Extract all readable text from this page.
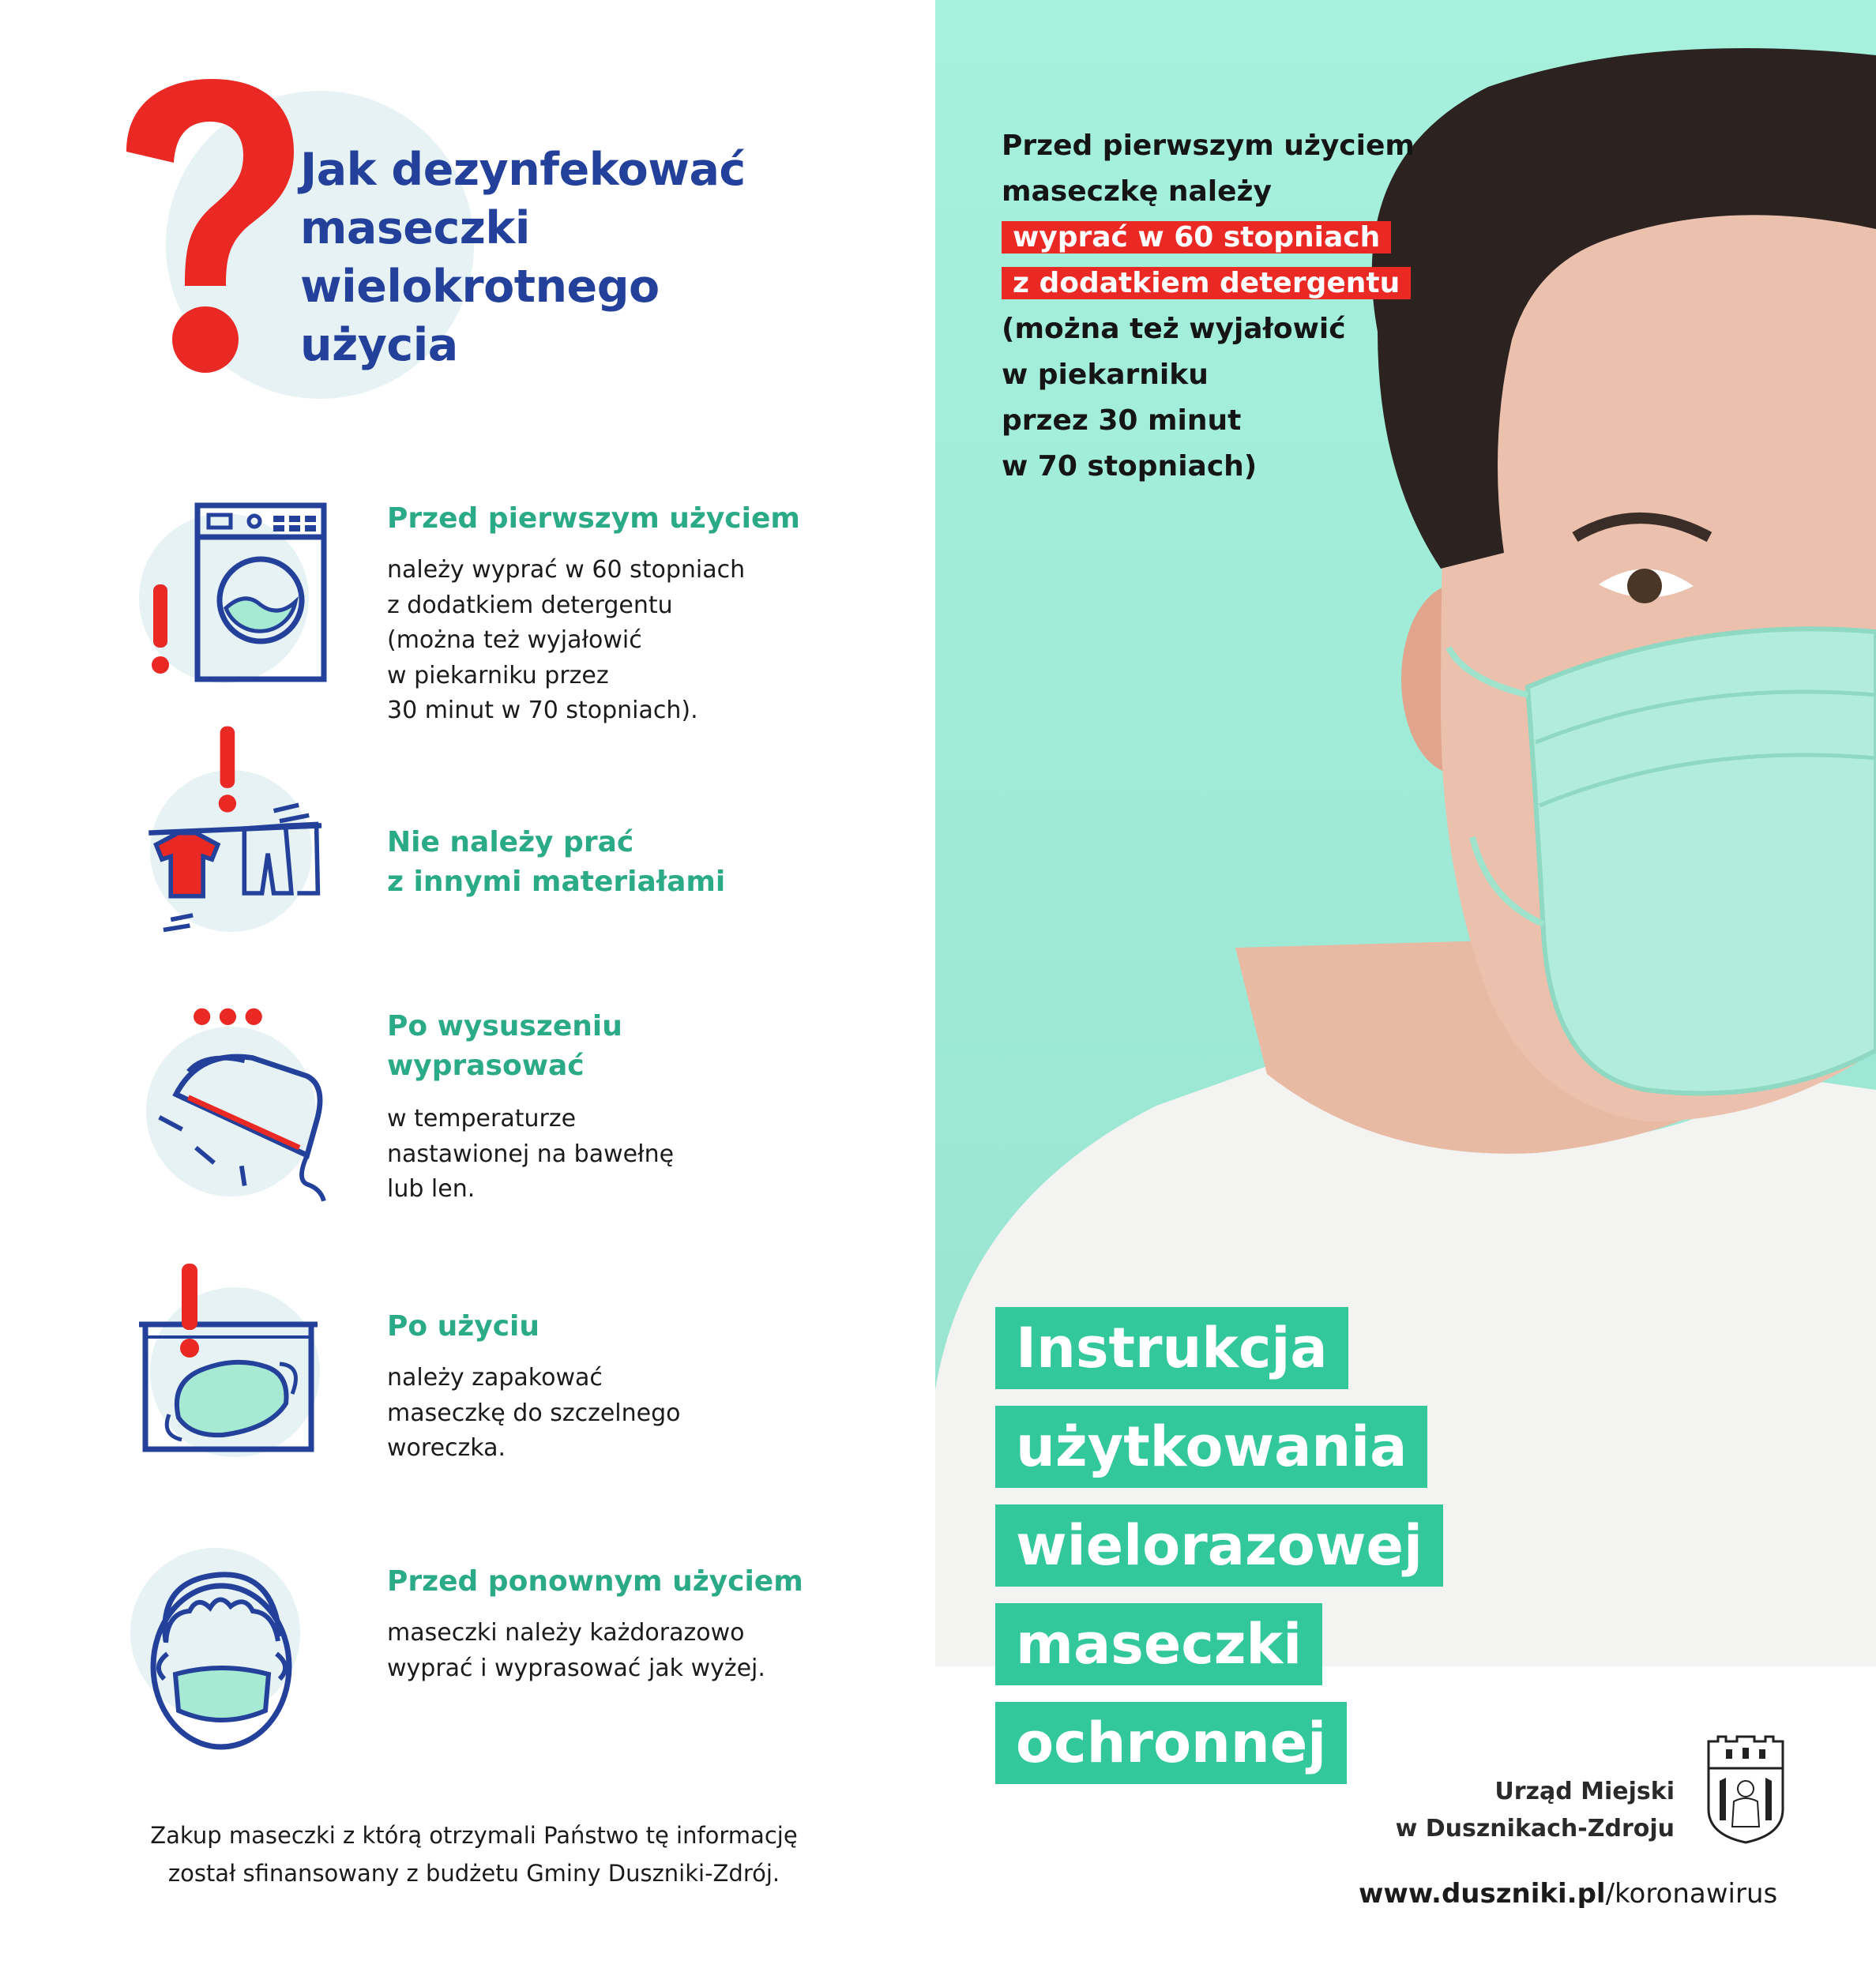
Jak dezynfekować
maseczki
wielokrotnego
użycia
Przed pierwszym użyciem
należy wyprać w 60 stopniach
z dodatkiem detergentu
(można też wyjałowić
w piekarniku przez
30 minut w 70 stopniach).
Nie należy prać
z innymi materiałami
Po wysuszeniu
wyprasować
w temperaturze
nastawionej na bawełnę
lub len.
Po użyciu
należy zapakować
maseczkę do szczelnego
woreczka.
Przed ponownym użyciem
maseczki należy każdorazowo
wyprać i wyprasować jak wyżej.
Zakup maseczki z którą otrzymali Państwo tę informację
został sfinansowany z budżetu Gminy Duszniki-Zdrój.
Przed pierwszym użyciem
maseczkę należy
wyprać w 60 stopniach
z dodatkiem detergentu
(można też wyjałowić
w piekarniku
przez 30 minut
w 70 stopniach)
Instrukcja
użytkowania
wielorazowej
maseczki
ochronnej
Urząd Miejski
w Dusznikach-Zdroju
www.duszniki.pl/koronawirus
